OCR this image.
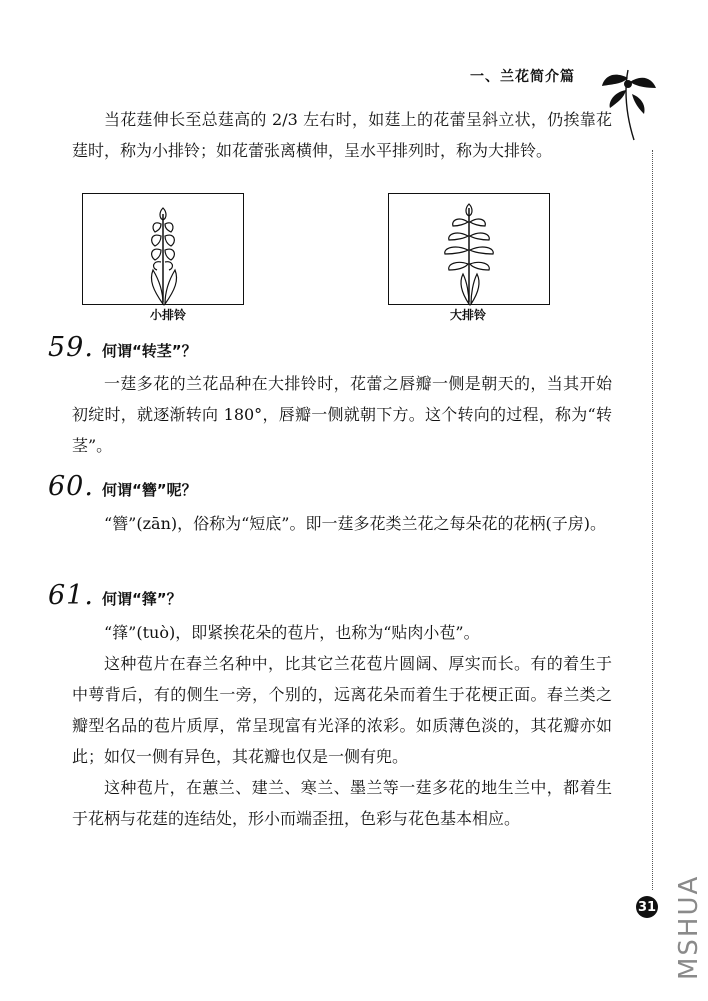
一、兰花简介篇

当花莛伸长至总莛高的 2/3 左右时，如莛上的花蕾呈斜立状，仍挨靠花莛时，称为小排铃；如花蕾张离横伸，呈水平排列时，称为大排铃。

小排铃	大排铃
59. 何谓“转茎”？

一莛多花的兰花品种在大排铃时，花蕾之唇瓣一侧是朝天的，当其开始初绽时，就逐渐转向 180°，唇瓣一侧就朝下方。这个转向的过程，称为“转茎”。

60. 何谓“簪”呢？

“簪”(zān)，俗称为“短底”。即一莛多花类兰花之每朵花的花柄(子房)。

61. 何谓“箨”？

“箨”(tuò)，即紧挨花朵的苞片，也称为“贴肉小苞”。

这种苞片在春兰名种中，比其它兰花苞片圆阔、厚实而长。有的着生于中萼背后，有的侧生一旁，个别的，远离花朵而着生于花梗正面。春兰类之瓣型名品的苞片质厚，常呈现富有光泽的浓彩。如质薄色淡的，其花瓣亦如此；如仅一侧有异色，其花瓣也仅是一侧有兜。

这种苞片，在蕙兰、建兰、寒兰、墨兰等一莛多花的地生兰中，都着生于花柄与花莛的连结处，形小而端歪扭，色彩与花色基本相应。

31 MSHUA
